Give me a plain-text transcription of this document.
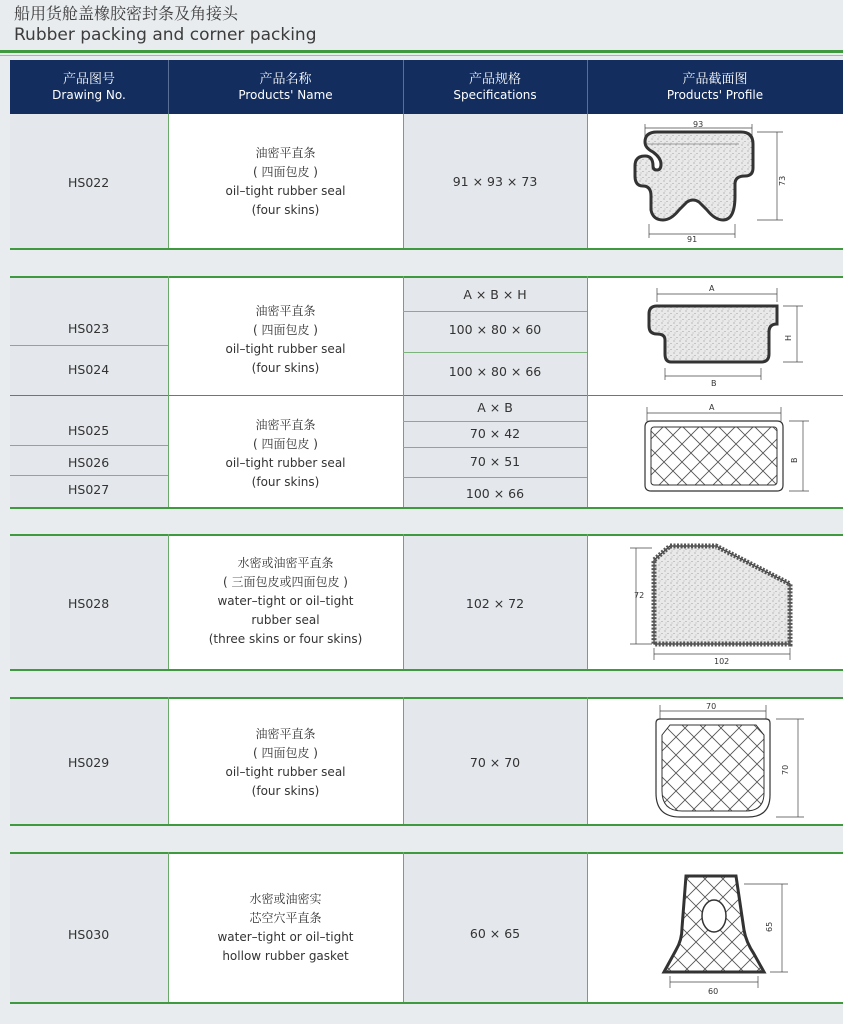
船用货舱盖橡胶密封条及角接头
Rubber packing and corner packing
产品图号
Drawing No.
产品名称
Products' Name
产品规格
Specifications
产品截面图
Products' Profile
HS022
油密平直条
( 四面包皮 )
oil–tight rubber seal
(four skins)
91 × 93 × 73
93
73
91
HS023
HS024
油密平直条
( 四面包皮 )
oil–tight rubber seal
(four skins)
A × B × H
100 × 80 × 60
100 × 80 × 66
A
B
H
HS025
HS026
HS027
油密平直条
( 四面包皮 )
oil–tight rubber seal
(four skins)
A × B
70 × 42
70 × 51
100 × 66
A
B
HS028
水密或油密平直条
( 三面包皮或四面包皮 )
water–tight or oil–tight
rubber seal
(three skins or four skins)
102 × 72
72
102
HS029
油密平直条
( 四面包皮 )
oil–tight rubber seal
(four skins)
70 × 70
70
70
HS030
水密或油密实
芯空穴平直条
water–tight or oil–tight
hollow rubber gasket
60 × 65	65
60
